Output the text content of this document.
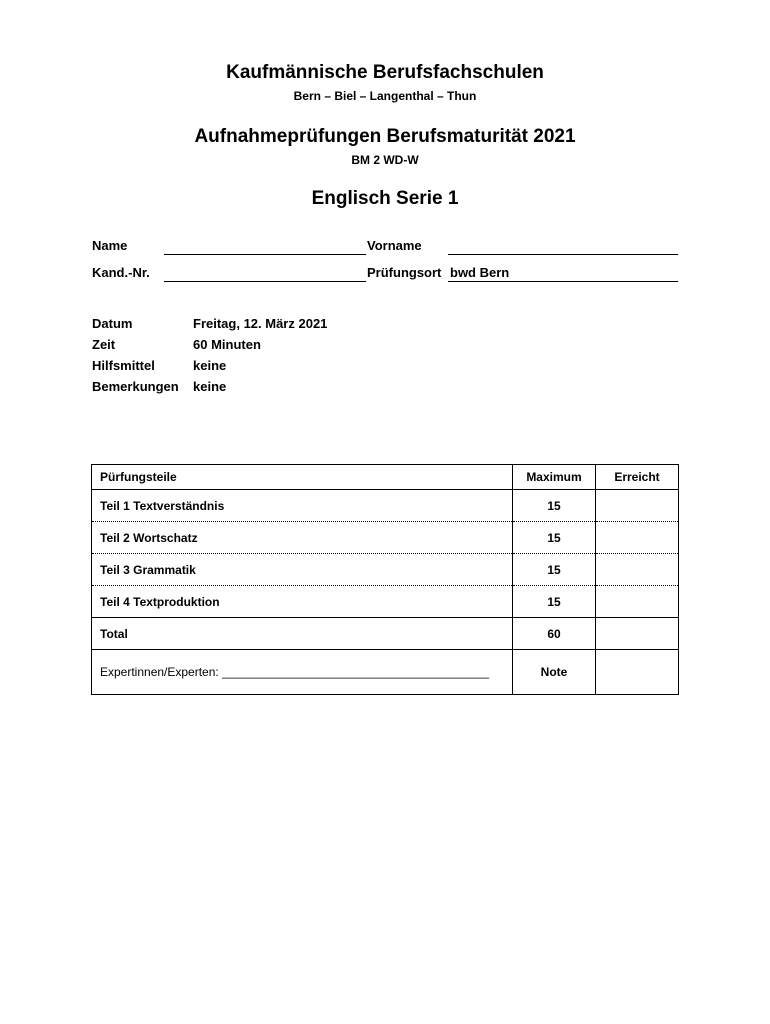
Kaufmännische Berufsfachschulen
Bern – Biel – Langenthal – Thun
Aufnahmeprüfungen Berufsmaturität 2021
BM 2 WD-W
Englisch Serie 1
Name	Vorname
Kand.-Nr.	Prüfungsort bwd Bern
Datum	Freitag, 12. März 2021
Zeit	60 Minuten
Hilfsmittel	keine
Bemerkungen keine
Pürfungsteile	Maximum	Erreicht
Teil 1 Textverständnis	15	
Teil 2 Wortschatz	15	
Teil 3 Grammatik	15	
Teil 4 Textproduktion	15	
Total	60	
Expertinnen/Experten: ________________________________________	Note	
